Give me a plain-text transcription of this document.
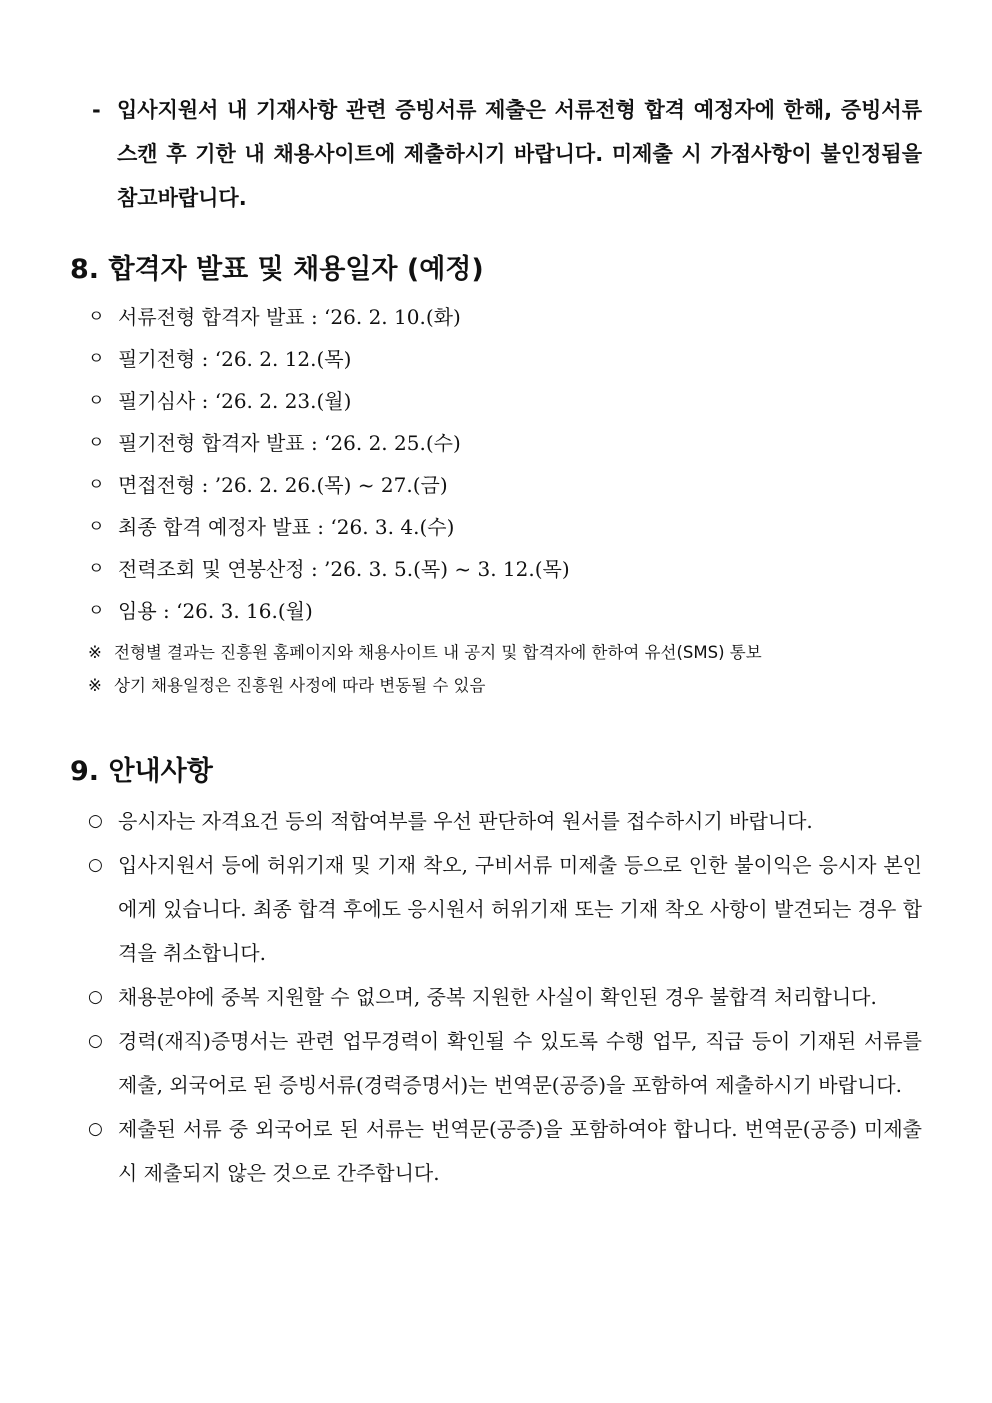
- 입사지원서 내 기재사항 관련 증빙서류 제출은 서류전형 합격 예정자에 한해, 증빙서류 스캔 후 기한 내 채용사이트에 제출하시기 바랍니다. 미제출 시 가점사항이 불인정됨을 참고바랍니다.
8. 합격자 발표 및 채용일자 (예정)
ㅇ 서류전형 합격자 발표 : ‘26. 2. 10.(화)
ㅇ 필기전형 : ‘26. 2. 12.(목)
ㅇ 필기심사 : ‘26. 2. 23.(월)
ㅇ 필기전형 합격자 발표 : ‘26. 2. 25.(수)
ㅇ 면접전형 : ’26. 2. 26.(목) ~ 27.(금)
ㅇ 최종 합격 예정자 발표 : ‘26. 3. 4.(수)
ㅇ 전력조회 및 연봉산정 : ’26. 3. 5.(목) ~ 3. 12.(목)
ㅇ 임용 : ‘26. 3. 16.(월)
※ 전형별 결과는 진흥원 홈페이지와 채용사이트 내 공지 및 합격자에 한하여 유선(SMS) 통보
※ 상기 채용일정은 진흥원 사정에 따라 변동될 수 있음
9. 안내사항
○ 응시자는 자격요건 등의 적합여부를 우선 판단하여 원서를 접수하시기 바랍니다.
○ 입사지원서 등에 허위기재 및 기재 착오, 구비서류 미제출 등으로 인한 불이익은 응시자 본인에게 있습니다. 최종 합격 후에도 응시원서 허위기재 또는 기재 착오 사항이 발견되는 경우 합격을 취소합니다.
○ 채용분야에 중복 지원할 수 없으며, 중복 지원한 사실이 확인된 경우 불합격 처리합니다.
○ 경력(재직)증명서는 관련 업무경력이 확인될 수 있도록 수행 업무, 직급 등이 기재된 서류를 제출, 외국어로 된 증빙서류(경력증명서)는 번역문(공증)을 포함하여 제출하시기 바랍니다.
○ 제출된 서류 중 외국어로 된 서류는 번역문(공증)을 포함하여야 합니다. 번역문(공증) 미제출 시 제출되지 않은 것으로 간주합니다.
